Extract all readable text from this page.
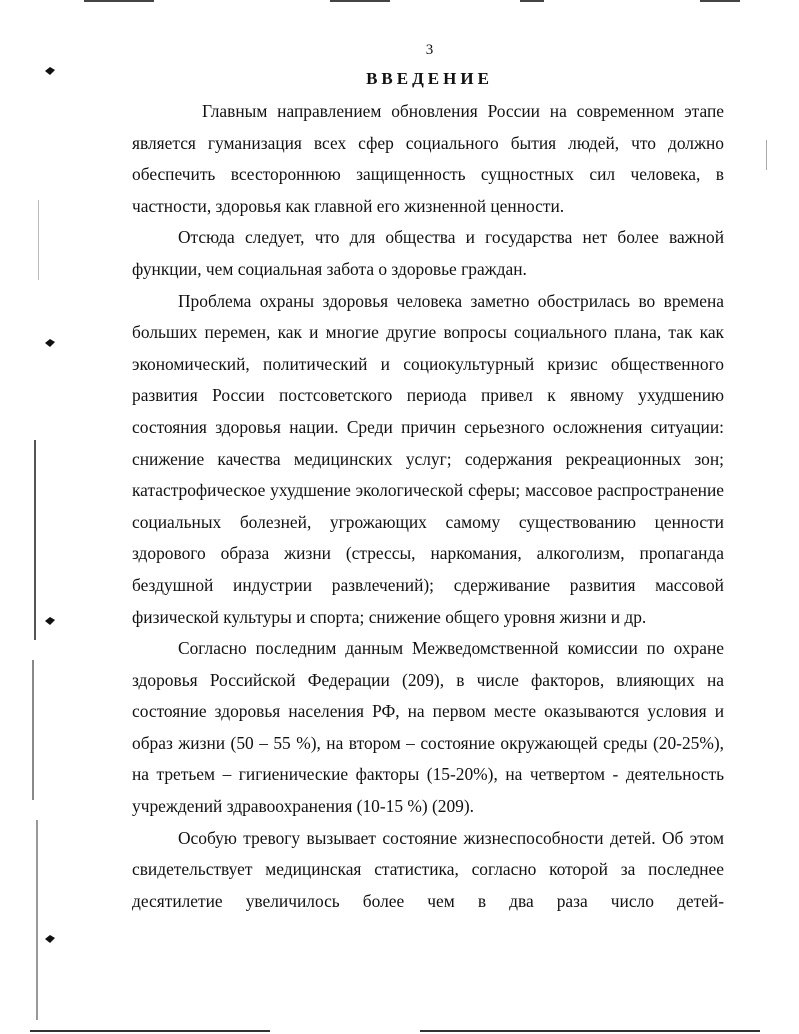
3
ВВЕДЕНИЕ

Главным направлением обновления России на современном этапе является гуманизация всех сфер социального бытия людей, что должно обеспечить всестороннюю защищенность сущностных сил человека, в частности, здоровья как главной его жизненной ценности.

Отсюда следует, что для общества и государства нет более важной функции, чем социальная забота о здоровье граждан.

Проблема охраны здоровья человека заметно обострилась во времена больших перемен, как и многие другие вопросы социального плана, так как экономический, политический и социокультурный кризис общественного развития России постсоветского периода привел к явному ухудшению состояния здоровья нации. Среди причин серьезного осложнения ситуации: снижение качества медицинских услуг; содержания рекреационных зон; катастрофическое ухудшение экологической сферы; массовое распространение социальных болезней, угрожающих самому существованию ценности здорового образа жизни (стрессы, наркомания, алкоголизм, пропаганда бездушной индустрии развлечений); сдерживание развития массовой физической культуры и спорта; снижение общего уровня жизни и др.

Согласно последним данным Межведомственной комиссии по охране здоровья Российской Федерации (209), в числе факторов, влияющих на состояние здоровья населения РФ, на первом месте оказываются условия и образ жизни (50 – 55 %), на втором – состояние окружающей среды (20-25%), на третьем – гигиенические факторы (15-20%), на четвертом - деятельность учреждений здравоохранения (10-15 %) (209).

Особую тревогу вызывает состояние жизнеспособности детей. Об этом свидетельствует медицинская статистика, согласно которой за последнее десятилетие увеличилось более чем в два раза число детей-
